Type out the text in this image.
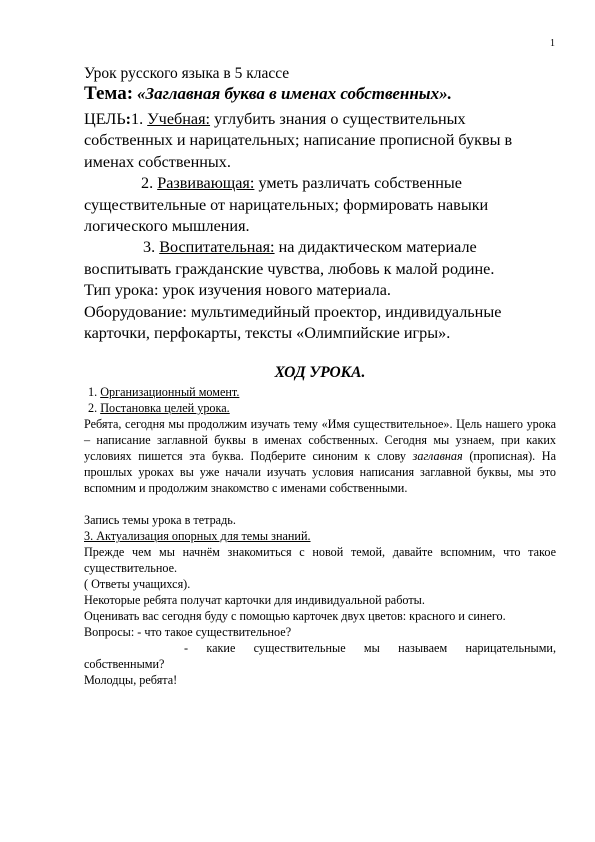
1
Урок русского языка в 5 классе
Тема: «Заглавная буква в именах собственных».
ЦЕЛЬ:1. Учебная: углубить знания о существительных собственных и нарицательных; написание прописной буквы в именах собственных.
2. Развивающая: уметь различать собственные существительные от нарицательных; формировать навыки логического мышления.
3. Воспитательная: на дидактическом материале воспитывать гражданские чувства, любовь к малой родине.
Тип урока: урок изучения нового материала.
Оборудование: мультимедийный проектор, индивидуальные карточки, перфокарты, тексты «Олимпийские игры».
ХОД УРОКА.
1. Организационный момент.
2. Постановка целей урока.
Ребята, сегодня мы продолжим изучать тему «Имя существительное». Цель нашего урока – написание заглавной буквы в именах собственных. Сегодня мы узнаем, при каких условиях пишется эта буква. Подберите синоним к слову заглавная (прописная). На прошлых уроках вы уже начали изучать условия написания заглавной буквы, мы это вспомним и продолжим знакомство с именами собственными.
Запись темы урока в тетрадь.
3. Актуализация опорных для темы знаний.
Прежде чем мы начнём знакомиться с новой темой, давайте вспомним, что такое существительное.
( Ответы учащихся).
Некоторые ребята получат карточки для индивидуальной работы.
Оценивать вас сегодня буду с помощью карточек двух цветов: красного и синего.
Вопросы: - что такое существительное?
- какие существительные мы называем нарицательными, собственными?
Молодцы, ребята!
